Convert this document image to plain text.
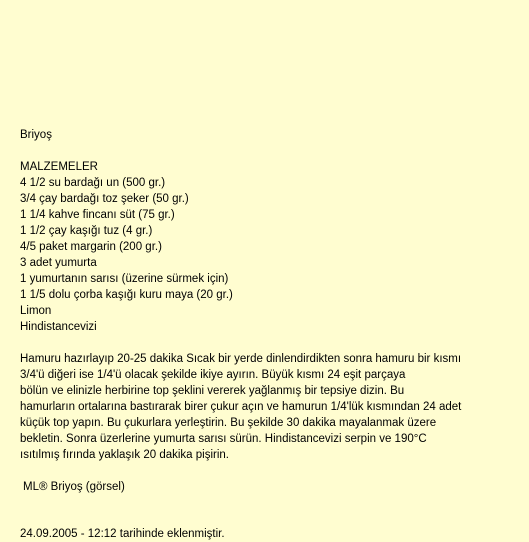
Briyoş
MALZEMELER
4 1/2 su bardağı un (500 gr.)
3/4 çay bardağı toz şeker (50 gr.)
1 1/4 kahve fincanı süt (75 gr.)
1 1/2 çay kaşığı tuz (4 gr.)
4/5 paket margarin (200 gr.)
3 adet yumurta
1 yumurtanın sarısı (üzerine sürmek için)
1 1/5 dolu çorba kaşığı kuru maya (20 gr.)
Limon
Hindistancevizi
Hamuru hazırlayıp 20-25 dakika Sıcak bir yerde dinlendirdikten sonra hamuru bir kısmı
3/4'ü diğeri ise 1/4'ü olacak şekilde ikiye ayırın. Büyük kısmı 24 eşit parçaya
bölün ve elinizle herbirine top şeklini vererek yağlanmış bir tepsiye dizin. Bu
hamurların ortalarına bastırarak birer çukur açın ve hamurun 1/4'lük kısmından 24 adet
küçük top yapın. Bu çukurlara yerleştirin. Bu şekilde 30 dakika mayalanmak üzere
bekletin. Sonra üzerlerine yumurta sarısı sürün. Hindistancevizi serpin ve 190°C
ısıtılmış fırında yaklaşık 20 dakika pişirin.
ML® Briyoş (görsel)
24.09.2005 - 12:12 tarihinde eklenmiştir.
